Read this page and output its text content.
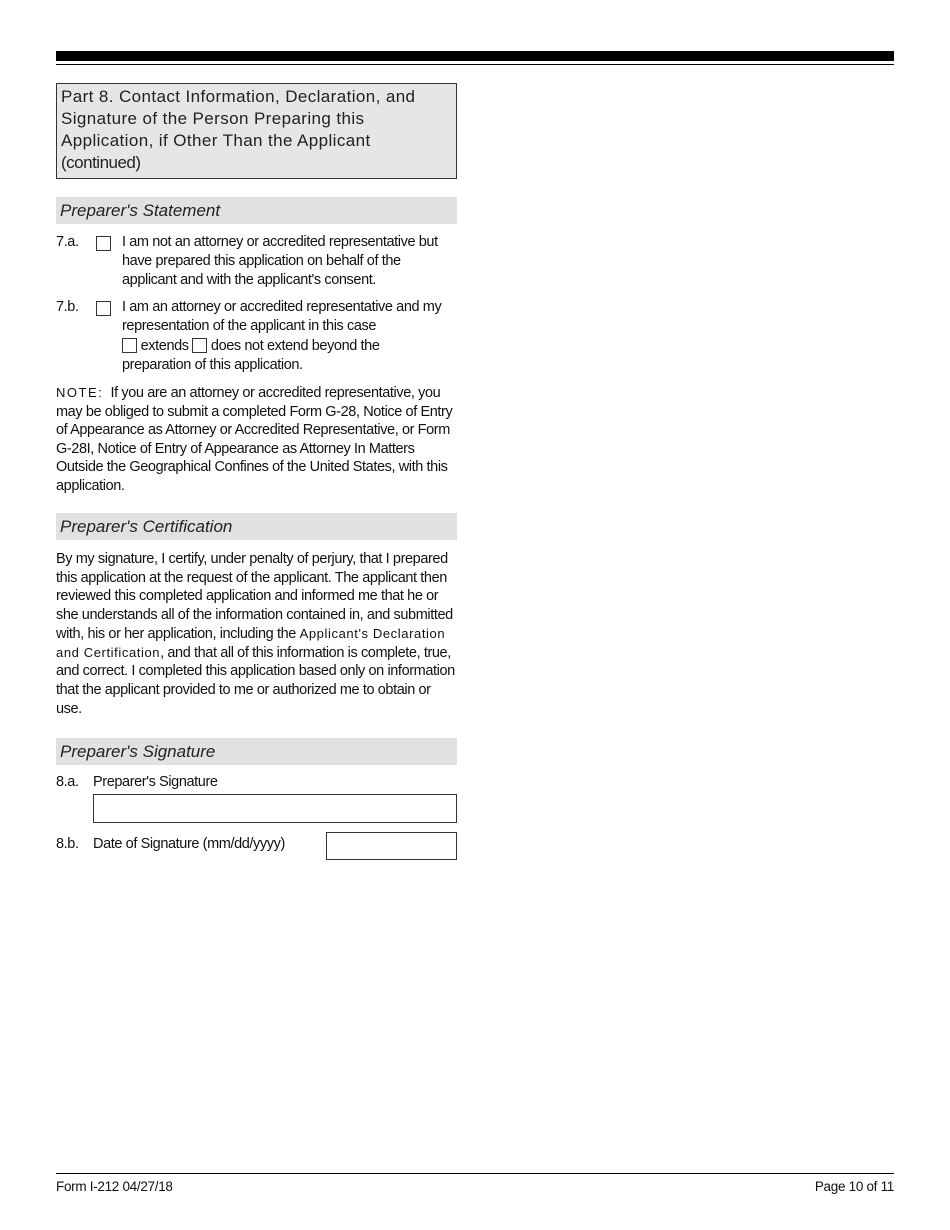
Part 8. Contact Information, Declaration, and Signature of the Person Preparing this Application, if Other Than the Applicant
(continued)
Preparer's Statement
7.a.	I am not an attorney or accredited representative but have prepared this application on behalf of the applicant and with the applicant's consent.
7.b.	I am an attorney or accredited representative and my representation of the applicant in this case
extends does not extend beyond the
preparation of this application.
NOTE: If you are an attorney or accredited representative, you may be obliged to submit a completed Form G-28, Notice of Entry of Appearance as Attorney or Accredited Representative, or Form G-28I, Notice of Entry of Appearance as Attorney In Matters Outside the Geographical Confines of the United States, with this application.
Preparer's Certification
By my signature, I certify, under penalty of perjury, that I prepared this application at the request of the applicant. The applicant then reviewed this completed application and informed me that he or she understands all of the information contained in, and submitted with, his or her application, including the Applicant's Declaration and Certification, and that all of this information is complete, true, and correct. I completed this application based only on information that the applicant provided to me or authorized me to obtain or use.
Preparer's Signature
8.a. Preparer's Signature
8.b. Date of Signature (mm/dd/yyyy)
Form I-212 04/27/18	Page 10 of 11
